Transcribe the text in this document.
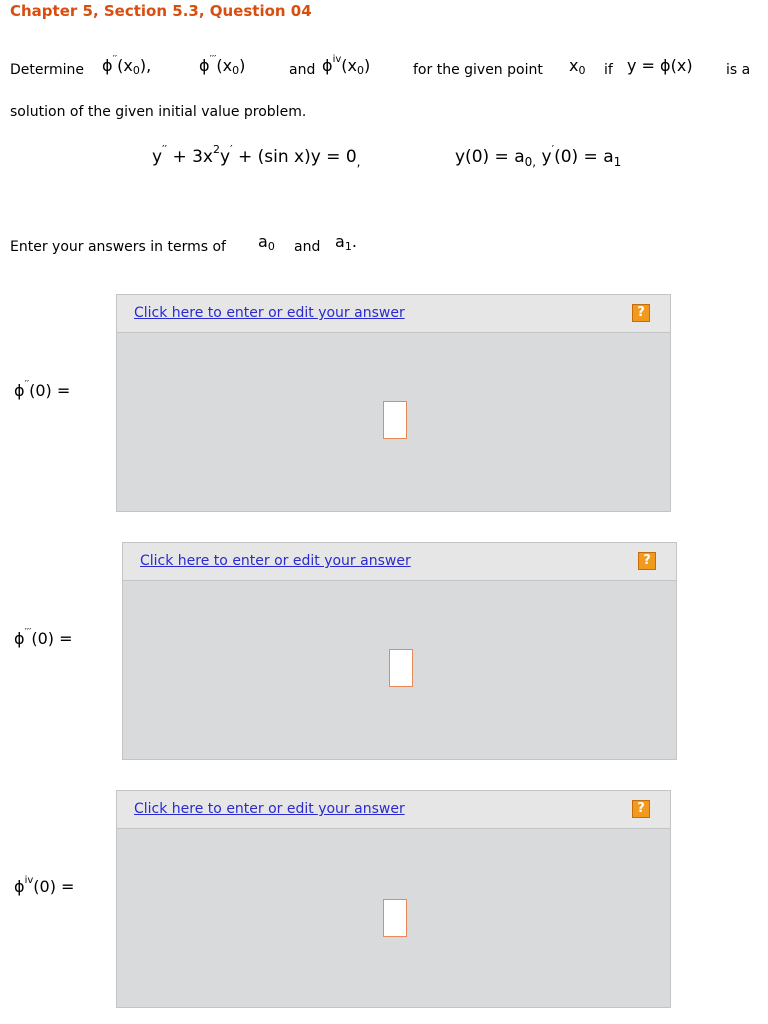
Chapter 5, Section 5.3, Question 04
Determine ϕ′′(x0),	ϕ′′′(x0)	and $\phi^{iv}(x0)$	for the given point x0 if y = ϕ(x) is a
solution of the given initial value problem.
$y'' + 3x^2y' + (\sin$ $x)y = 0_,$	$y(0) = a_{0,}$ $y'(0) = a_1$
Enter your answers in terms of a0 and a1.
ϕ′′(0) =
Click here to enter or edit your answer	?
ϕ′′′(0) =
Click here to enter or edit your answer	?
$\phi^{iv}(0)$ =
Click here to enter or edit your answer	?
